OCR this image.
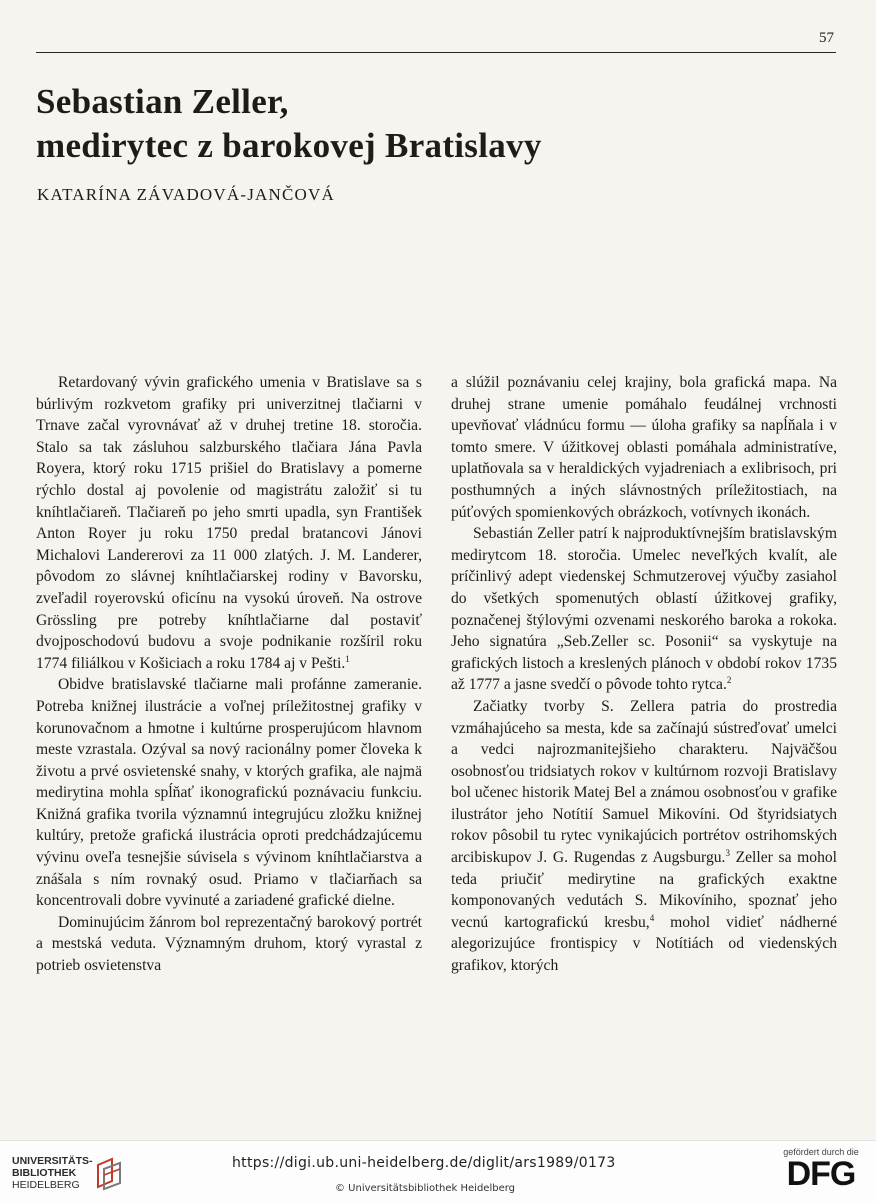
57
Sebastian Zeller,
medirytec z barokovej Bratislavy
KATARÍNA ZÁVADOVÁ-JANČOVÁ

Retardovaný vývin grafického umenia v Bratislave sa s búrlivým rozkvetom grafiky pri univerzitnej tlačiarni v Trnave začal vyrovnávať až v druhej tretine 18. storočia. Stalo sa tak zásluhou salzburského tlačiara Jána Pavla Royera, ktorý roku 1715 prišiel do Bratislavy a pomerne rýchlo dostal aj povolenie od magistrátu založiť si tu kníhtlačiareň. Tlačiareň po jeho smrti upadla, syn František Anton Royer ju roku 1750 predal bratancovi Jánovi Michalovi Landererovi za 11 000 zlatých. J. M. Landerer, pôvodom zo slávnej kníhtlačiarskej rodiny v Bavorsku, zveľadil royerovskú oficínu na vysokú úroveň. Na ostrove Grössling pre potreby kníhtlačiarne dal postaviť dvojposchodovú budovu a svoje podnikanie rozšíril roku 1774 filiálkou v Košiciach a roku 1784 aj v Pešti.$^1$

Obidve bratislavské tlačiarne mali profánne zameranie. Potreba knižnej ilustrácie a voľnej príležitostnej grafiky v korunovačnom a hmotne i kultúrne prosperujúcom hlavnom meste vzrastala. Ozýval sa nový racionálny pomer človeka k životu a prvé osvietenské snahy, v ktorých grafika, ale najmä medirytina mohla spĺňať ikonografickú poznávaciu funkciu. Knižná grafika tvorila významnú integrujúcu zložku knižnej kultúry, pretože grafická ilustrácia oproti predchádzajúcemu vývinu oveľa tesnejšie súvisela s vývinom kníhtlačiarstva a znášala s ním rovnaký osud. Priamo v tlačiarňach sa koncentrovali dobre vyvinuté a zariadené grafické dielne.

Dominujúcim žánrom bol reprezentačný barokový portrét a mestská veduta. Významným druhom, ktorý vyrastal z potrieb osvietenstva

a slúžil poznávaniu celej krajiny, bola grafická mapa. Na druhej strane umenie pomáhalo feudálnej vrchnosti upevňovať vládnúcu formu — úloha grafiky sa napĺňala i v tomto smere. V úžitkovej oblasti pomáhala administratíve, uplatňovala sa v heraldických vyjadreniach a exlibrisoch, pri posthumných a iných slávnostných príležitostiach, na púťových spomienkových obrázkoch, votívnych ikonách.

Sebastián Zeller patrí k najproduktívnejším bratislavským medirytcom 18. storočia. Umelec neveľkých kvalít, ale príčinlivý adept viedenskej Schmutzerovej výučby zasiahol do všetkých spomenutých oblastí úžitkovej grafiky, poznačenej štýlovými ozvenami neskorého baroka a rokoka. Jeho signatúra „Seb.Zeller sc. Posonii“ sa vyskytuje na grafických listoch a kreslených plánoch v období rokov 1735 až 1777 a jasne svedčí o pôvode tohto rytca.$^2$

Začiatky tvorby S. Zellera patria do prostredia vzmáhajúceho sa mesta, kde sa začínajú sústreďovať umelci a vedci najrozmanitejšieho charakteru. Najväčšou osobnosťou tridsiatych rokov v kultúrnom rozvoji Bratislavy bol učenec historik Matej Bel a známou osobnosťou v grafike ilustrátor jeho Notítií Samuel Mikovíni. Od štyridsiatych rokov pôsobil tu rytec vynikajúcich portrétov ostrihomských arcibiskupov J. G. Rugendas z Augsburgu.$^3$ Zeller sa mohol teda priučiť medirytine na grafických exaktne komponovaných vedutách S. Mikovíniho, spoznať jeho vecnú kartografickú kresbu,$^4$ mohol vidieť nádherné alegorizujúce frontispicy v Notítiách od viedenských grafikov, ktorých

UNIVERSITÄTS-
BIBLIOTHEK
HEIDELBERG
https://digi.ub.uni-heidelberg.de/diglit/ars1989/0173
© Universitätsbibliothek Heidelberg
gefördert durch die
DFG
